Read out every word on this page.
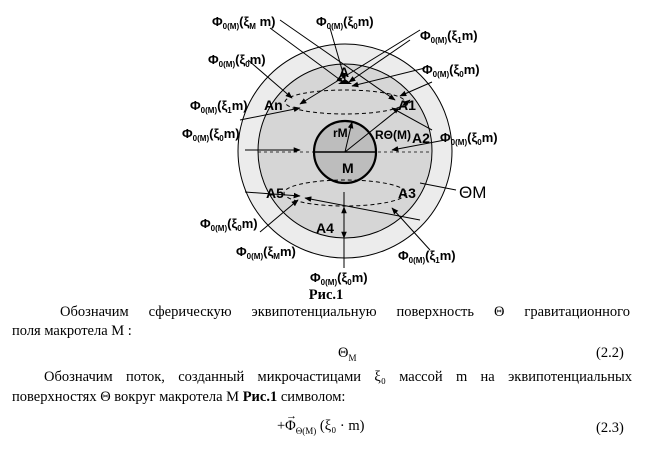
$\Phi_{0(M)}(\xi_М$ m)	$\Phi_{0(M)}(\xi_0m)$
$\Phi_{0(M)}(\xi_1m)$
$\Phi_{0(M)}(\xi_0m)$
$\Phi_{0(M)}(\xi_0m)$
$\Phi_{0(M)}(\xi_1m)$
$\Phi_{0(M)}(\xi_0m)$	$\Phi_{0(M)}(\xi_0m)$
$\Phi_{0(M)}(\xi_0m)$
$\Phi_{0(M)}(\xi_Мm)$	$\Phi_{0(M)}(\xi_1m)$
$\Phi_{0(M)}(\xi_0m)$
A
A1
A2
A3
A4
A5
An
M
rM RΘ(M)
ΘM
Рис.1
Обозначим сферическую эквипотенциальную поверхность Θ гравитационного
поля макротела М :
$\Theta_М$	(2.2)
Обозначим поток, созданный микрочастицами ξ₀ массой m на эквипотенциальных
поверхностях Θ вокруг макротела М Рис.1 символом:
→
$+\Phi_{\Theta(M)}$ (ξ₀ · m)	(2.3)
